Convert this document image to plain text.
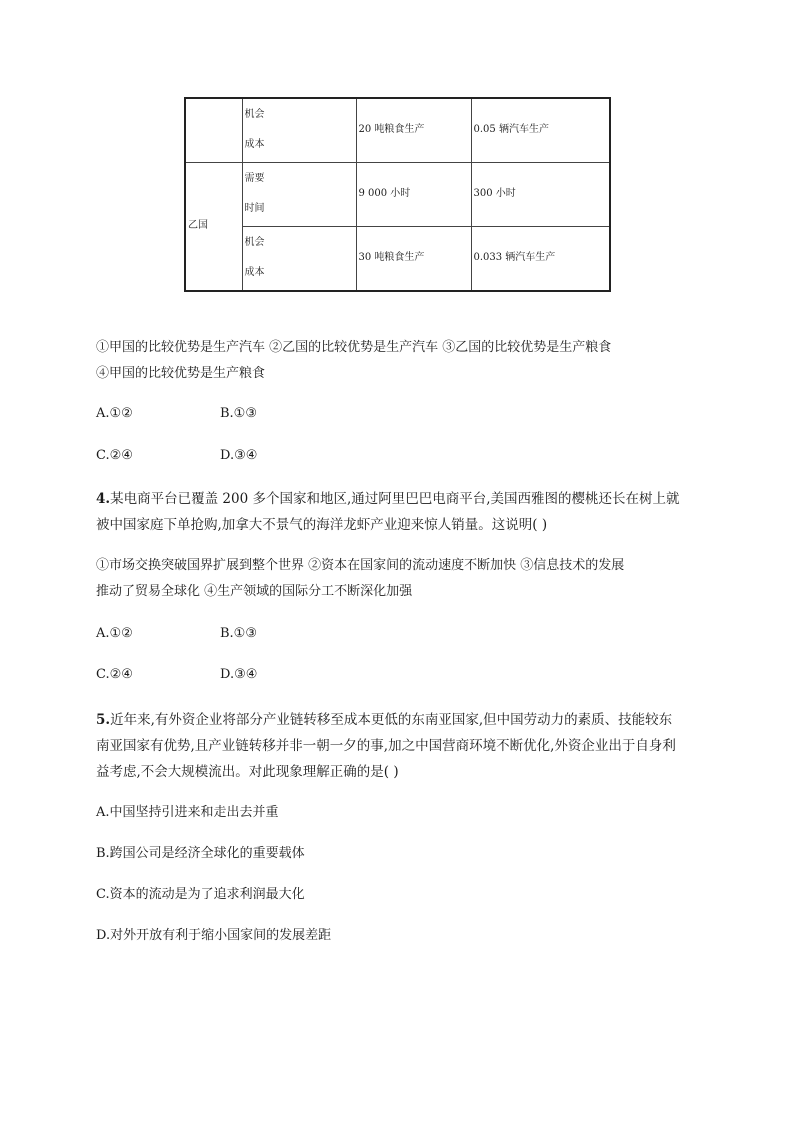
	机会
成本	20 吨粮食生产	0.05 辆汽车生产
乙国	需要
时间	9 000 小时	300 小时

	机会
成本	30 吨粮食生产	0.033 辆汽车生产
①甲国的比较优势是生产汽车 ②乙国的比较优势是生产汽车 ③乙国的比较优势是生产粮食
④甲国的比较优势是生产粮食
A.①②	B.①③
C.②④	D.③④
4.某电商平台已覆盖 200 多个国家和地区,通过阿里巴巴电商平台,美国西雅图的樱桃还长在树上就
被中国家庭下单抢购,加拿大不景气的海洋龙虾产业迎来惊人销量。这说明( )
①市场交换突破国界扩展到整个世界 ②资本在国家间的流动速度不断加快 ③信息技术的发展
推动了贸易全球化 ④生产领域的国际分工不断深化加强
A.①②	B.①③
C.②④	D.③④
5.近年来,有外资企业将部分产业链转移至成本更低的东南亚国家,但中国劳动力的素质、技能较东
南亚国家有优势,且产业链转移并非一朝一夕的事,加之中国营商环境不断优化,外资企业出于自身利
益考虑,不会大规模流出。对此现象理解正确的是( )
A.中国坚持引进来和走出去并重
B.跨国公司是经济全球化的重要载体
C.资本的流动是为了追求利润最大化
D.对外开放有利于缩小国家间的发展差距
